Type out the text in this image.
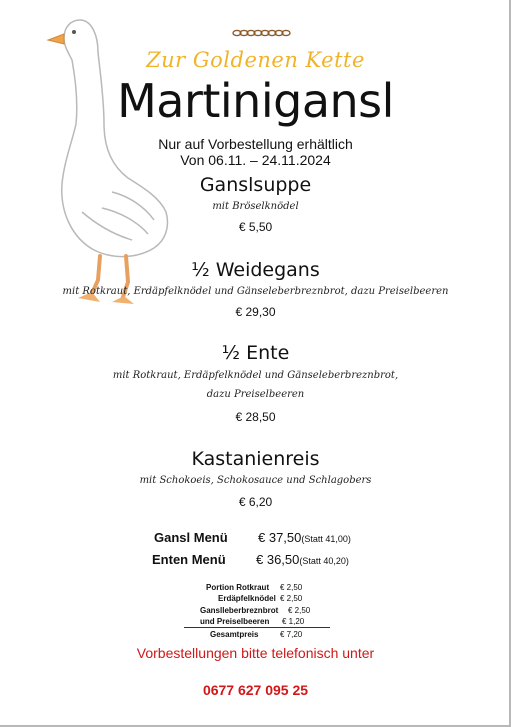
Zur Goldenen Kette
Martinigansl
Nur auf Vorbestellung erhältlich
Von 06.11. – 24.11.2024
Ganslsuppe
mit Bröselknödel
€ 5,50
½ Weidegans
mit Rotkraut, Erdäpfelknödel und Gänseleberbreznbrot, dazu Preiselbeeren
€ 29,30
½ Ente
mit Rotkraut, Erdäpfelknödel und Gänseleberbreznbrot,
dazu Preiselbeeren
€ 28,50
Kastanienreis
mit Schokoeis, Schokosauce und Schlagobers
€ 6,20
Gansl Menü € 37,50(Statt 41,00)
Enten Menü € 36,50(Statt 40,20)
Portion Rotkraut € 2,50
Erdäpfelknödel € 2,50
Ganslleberbreznbrot € 2,50
und Preiselbeeren € 1,20
Gesamtpreis	€ 7,20
Vorbestellungen bitte telefonisch unter
0677 627 095 25
